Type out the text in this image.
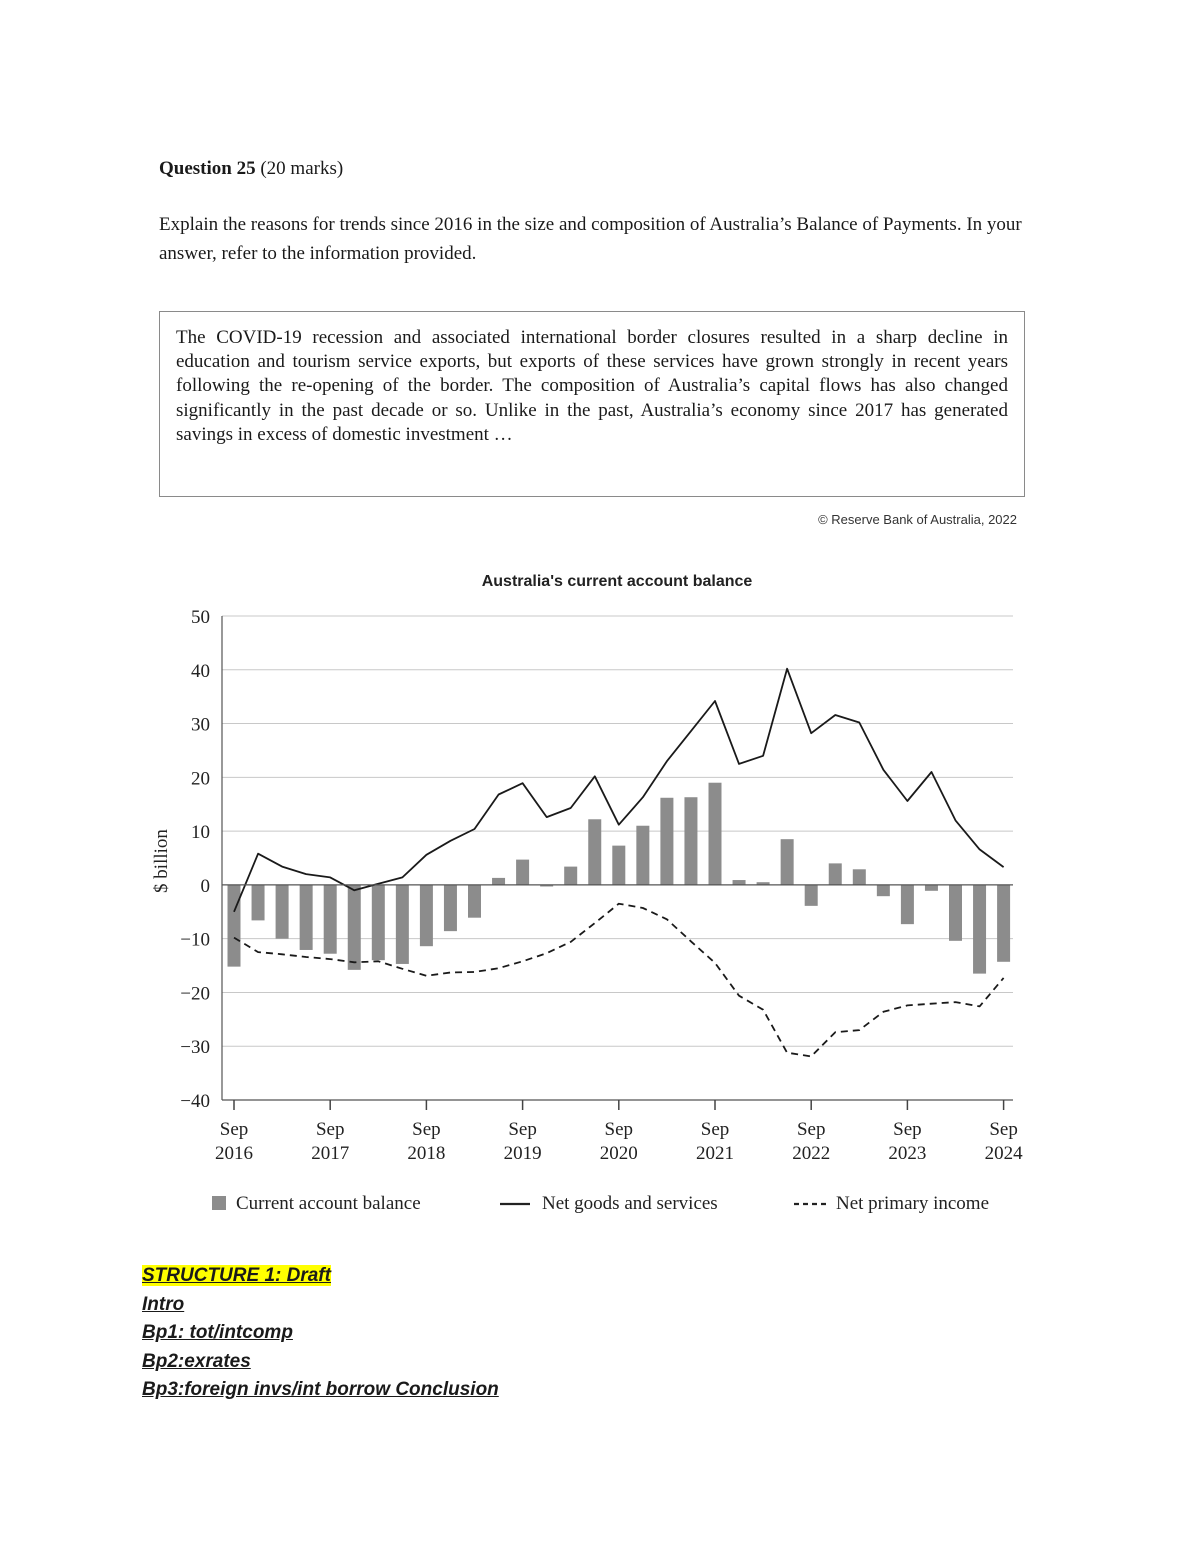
Question 25 (20 marks)
Explain the reasons for trends since 2016 in the size and composition of Australia’s Balance of Payments. In your answer, refer to the information provided.
The COVID-19 recession and associated international border closures resulted in a sharp decline in education and tourism service exports, but exports of these services have grown strongly in recent years following the re-opening of the border. The composition of Australia’s capital flows has also changed significantly in the past decade or so. Unlike in the past, Australia’s economy since 2017 has generated savings in excess of domestic investment …
© Reserve Bank of Australia, 2022
Australia's current account balance
$ billion
50
40
30
20
10
0
−10
−20
−30
−40
Sep
2016
Sep
2017
Sep
2018
Sep
2019
Sep
2020
Sep
2021
Sep
2022
Sep
2023
Sep
2024
Current account balance	Net goods and services	Net primary income
STRUCTURE 1: Draft
Intro
Bp1: tot/intcomp
Bp2:exrates
Bp3:foreign invs/int borrow Conclusion
